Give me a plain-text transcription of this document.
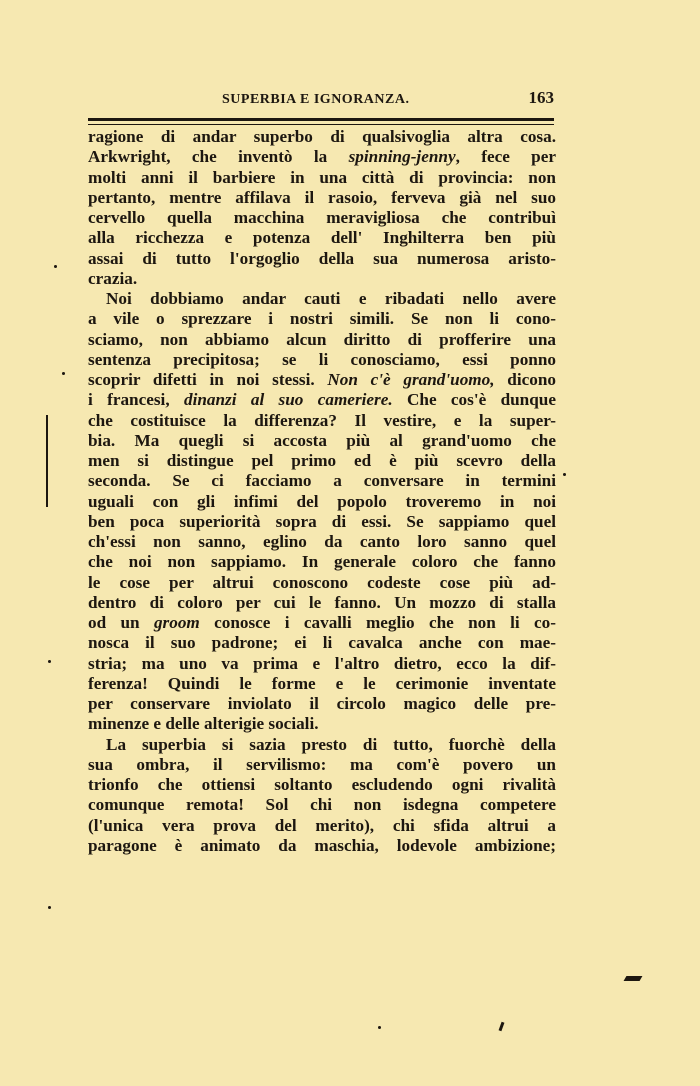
SUPERBIA E IGNORANZA.	163

ragione di andar superbo di qualsivoglia altra cosa.
Arkwright, che inventò la spinning-jenny, fece per
molti anni il barbiere in una città di provincia: non
pertanto, mentre affilava il rasoio, ferveva già nel suo
cervello quella macchina meravigliosa che contribuì
alla ricchezza e potenza dell' Inghilterra ben più
assai di tutto l'orgoglio della sua numerosa aristo-
crazia.

Noi dobbiamo andar cauti e ribadati nello avere
a vile o sprezzare i nostri simili. Se non li cono-
sciamo, non abbiamo alcun diritto di profferire una
sentenza precipitosa; se li conosciamo, essi ponno
scoprir difetti in noi stessi. Non c'è grand'uomo, dicono
i francesi, dinanzi al suo cameriere. Che cos'è dunque
che costituisce la differenza? Il vestire, e la super-
bia. Ma quegli si accosta più al grand'uomo che
men si distingue pel primo ed è più scevro della
seconda. Se ci facciamo a conversare in termini
uguali con gli infimi del popolo troveremo in noi
ben poca superiorità sopra di essi. Se sappiamo quel
ch'essi non sanno, eglino da canto loro sanno quel
che noi non sappiamo. In generale coloro che fanno
le cose per altrui conoscono codeste cose più ad-
dentro di coloro per cui le fanno. Un mozzo di stalla
od un groom conosce i cavalli meglio che non li co-
nosca il suo padrone; ei li cavalca anche con mae-
stria; ma uno va prima e l'altro dietro, ecco la dif-
ferenza! Quindi le forme e le cerimonie inventate
per conservare inviolato il circolo magico delle pre-
minenze e delle alterigie sociali.

La superbia si sazia presto di tutto, fuorchè della
sua ombra, il servilismo: ma com'è povero un
trionfo che ottiensi soltanto escludendo ogni rivalità
comunque remota! Sol chi non isdegna competere
(l'unica vera prova del merito), chi sfida altrui a
paragone è animato da maschia, lodevole ambizione;
